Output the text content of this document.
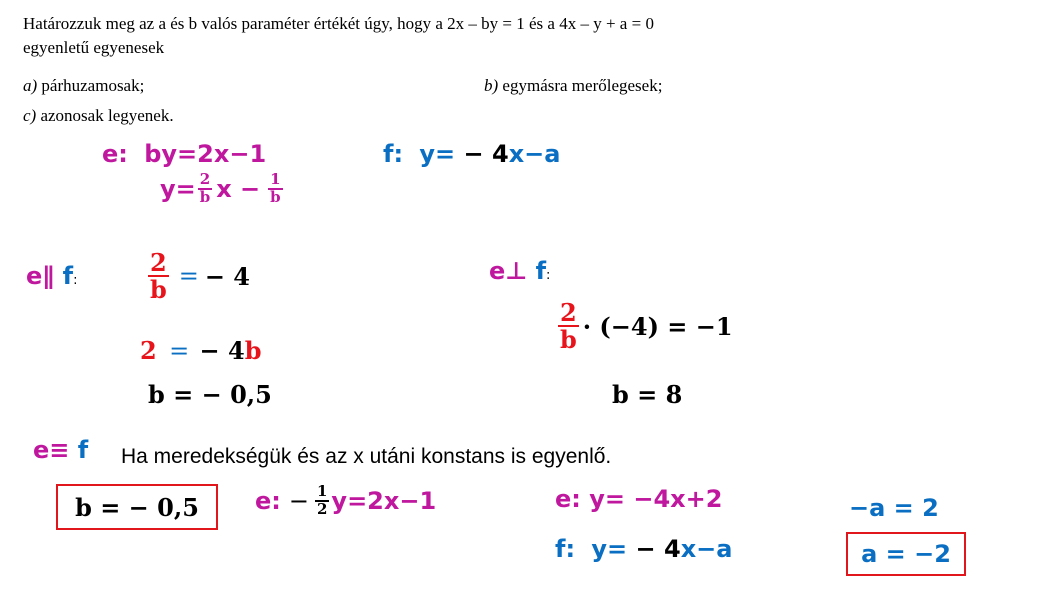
Határozzuk meg az a és b valós paraméter értékét úgy, hogy a 2x – by = 1 és a 4x – y + a = 0
egyenletű egyenesek
a) párhuzamosak;	b) egymásra merőlegesek;
c) azonosak legyenek.
e: by=2x−1
$y= \frac{2}{b}$ $x - \frac{1}{b}$
f: y= − 4x−a
e∥ f:	$\frac{2}{b}$ = − 4
2 = − 4b
b = − 0,5
e⊥ f:
$\frac{2}{b} \cdot (-4) = -1$
b = 8
e≡ f Ha meredekségük és az x utáni konstans is egyenlő.
b = − 0,5	e: − $\frac{1}{2} y=2x-1$	e: y= −4x+2
f: y= − 4x−a
−a = 2
a = −2
